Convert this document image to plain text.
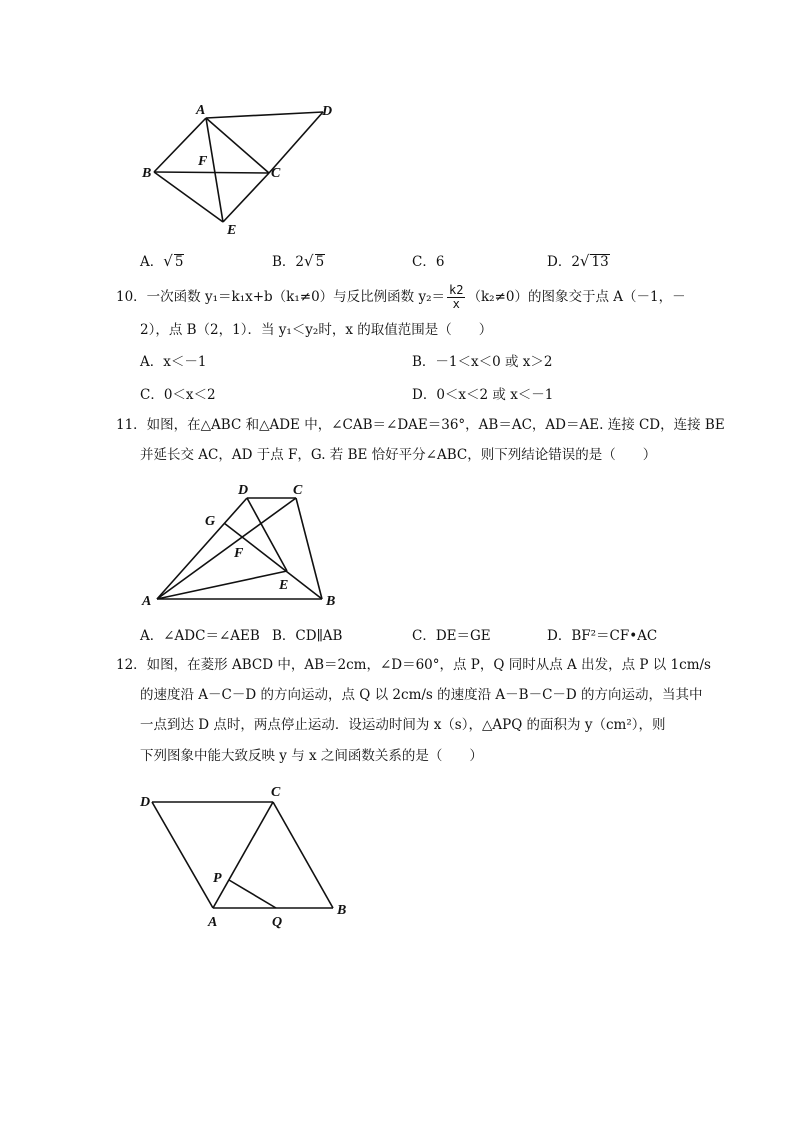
A	D
B	C
F
E
A．√ 5	B．2√ 5	C．6	D．2√ 13
10．一次函数 y₁＝k₁x+b（k₁≠0）与反比例函数 $y_2= \frac{k2}{x} (k_2\ne 0)$的图象交于点 A（－1，－
2），点 B（2，1）．当 y₁＜y₂时，x 的取值范围是（　　）
A．x＜－1	B．－1＜x＜0 或 x＞2
C．0＜x＜2	D．0＜x＜2 或 x＜－1
11．如图，在△ABC 和△ADE 中，∠CAB＝∠DAE＝36°，AB＝AC，AD＝AE. 连接 CD，连接 BE
并延长交 AC，AD 于点 F，G. 若 BE 恰好平分∠ABC，则下列结论错误的是（　　）
A	B
C
D
G
F
E
A．∠ADC＝∠AEB B．CD∥AB	C．DE＝GE	D．BF²＝CF•AC
12．如图，在菱形 ABCD 中，AB＝2cm，∠D＝60°，点 P，Q 同时从点 A 出发，点 P 以 1cm/s
的速度沿 A－C－D 的方向运动，点 Q 以 2cm/s 的速度沿 A－B－C－D 的方向运动，当其中
一点到达 D 点时，两点停止运动．设运动时间为 x（s），△APQ 的面积为 y（cm²），则
下列图象中能大致反映 y 与 x 之间函数关系的是（　　）
D
C
P
A	Q
B
